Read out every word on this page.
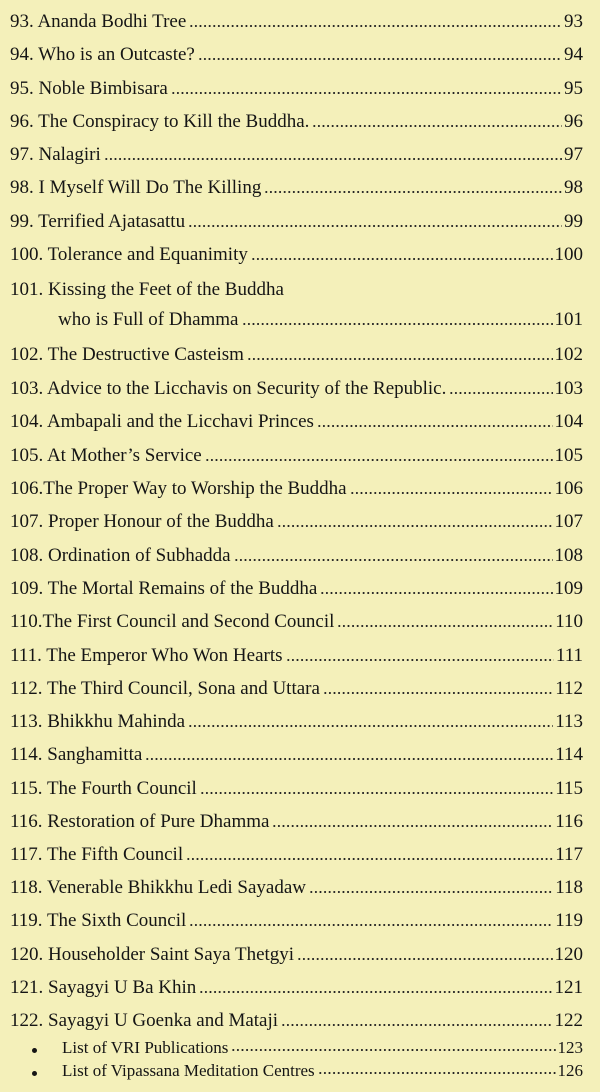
93. Ananda Bodhi Tree	93
94. Who is an Outcaste?	94
95. Noble Bimbisara	95
96. The Conspiracy to Kill the Buddha.	96
97. Nalagiri	97
98. I Myself Will Do The Killing	98
99. Terrified Ajatasattu	99
100. Tolerance and Equanimity	100
101. Kissing the Feet of the Buddha
who is Full of Dhamma	101
102. The Destructive Casteism	102
103. Advice to the Licchavis on Security of the Republic.	103
104. Ambapali and the Licchavi Princes	104
105. At Mother’s Service	105
106.The Proper Way to Worship the Buddha	106
107. Proper Honour of the Buddha	107
108. Ordination of Subhadda	108
109. The Mortal Remains of the Buddha	109
110.The First Council and Second Council	110
111. The Emperor Who Won Hearts	111
112. The Third Council, Sona and Uttara	112
113. Bhikkhu Mahinda	113
114. Sanghamitta	114
115. The Fourth Council	115
116. Restoration of Pure Dhamma	116
117. The Fifth Council	117
118. Venerable Bhikkhu Ledi Sayadaw	118
119. The Sixth Council	119
120. Householder Saint Saya Thetgyi	120
121. Sayagyi U Ba Khin	121
122. Sayagyi U Goenka and Mataji	122
List of VRI Publications	123
List of Vipassana Meditation Centres	126
